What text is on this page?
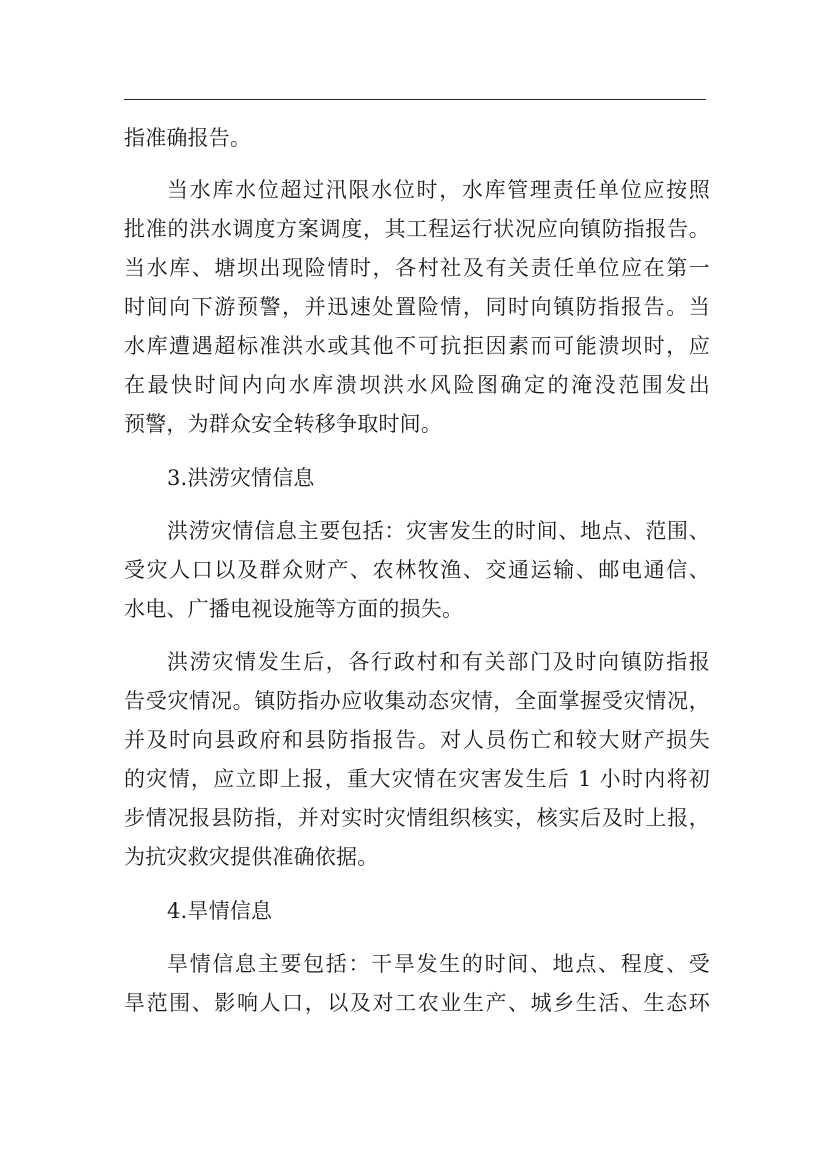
指准确报告。
当水库水位超过汛限水位时，水库管理责任单位应按照
批准的洪水调度方案调度，其工程运行状况应向镇防指报告。
当水库、塘坝出现险情时，各村社及有关责任单位应在第一
时间向下游预警，并迅速处置险情，同时向镇防指报告。当
水库遭遇超标准洪水或其他不可抗拒因素而可能溃坝时，应
在最快时间内向水库溃坝洪水风险图确定的淹没范围发出
预警，为群众安全转移争取时间。
3.洪涝灾情信息
洪涝灾情信息主要包括：灾害发生的时间、地点、范围、
受灾人口以及群众财产、农林牧渔、交通运输、邮电通信、
水电、广播电视设施等方面的损失。
洪涝灾情发生后，各行政村和有关部门及时向镇防指报
告受灾情况。镇防指办应收集动态灾情，全面掌握受灾情况，
并及时向县政府和县防指报告。对人员伤亡和较大财产损失
的灾情，应立即上报，重大灾情在灾害发生后 1 小时内将初
步情况报县防指，并对实时灾情组织核实，核实后及时上报，
为抗灾救灾提供准确依据。
4.旱情信息
旱情信息主要包括：干旱发生的时间、地点、程度、受
旱范围、影响人口，以及对工农业生产、城乡生活、生态环
